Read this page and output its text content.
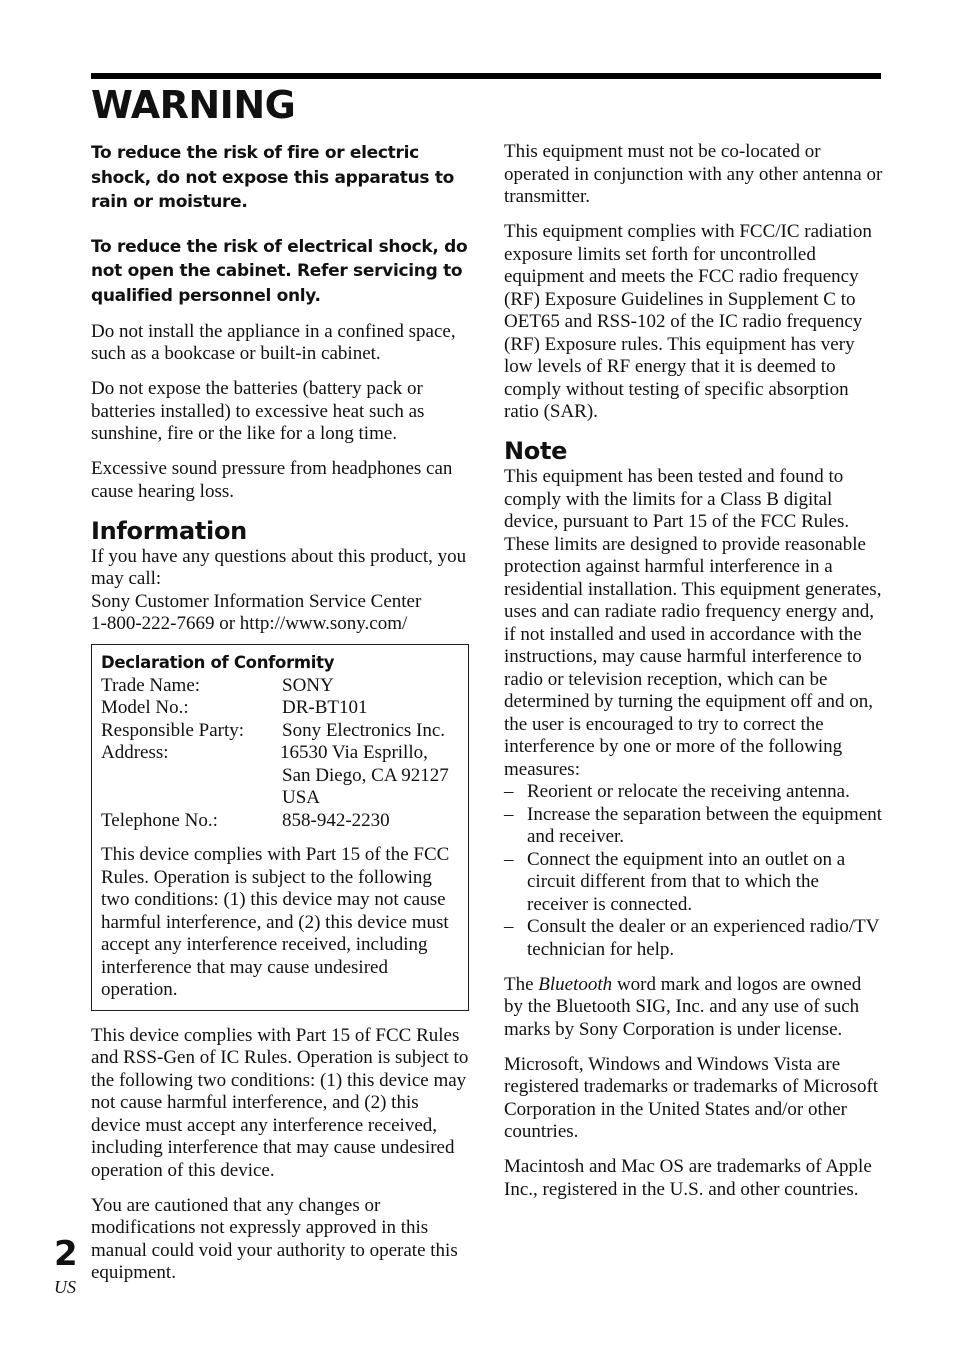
WARNING

To reduce the risk of fire or electric shock, do not expose this apparatus to rain or moisture.

To reduce the risk of electrical shock, do not open the cabinet. Refer servicing to qualified personnel only.

Do not install the appliance in a confined space, such as a bookcase or built-in cabinet.

Do not expose the batteries (battery pack or batteries installed) to excessive heat such as sunshine, fire or the like for a long time.

Excessive sound pressure from headphones can cause hearing loss.

Information
If you have any questions about this product, you may call:
Sony Customer Information Service Center
1-800-222-7669 or http://www.sony.com/
Declaration of Conformity
Trade Name:	SONY
Model No.:	DR-BT101
Responsible Party:	Sony Electronics Inc.
Address:	16530 Via Esprillo,
San Diego, CA 92127
USA
Telephone No.:	858-942-2230
This device complies with Part 15 of the FCC Rules. Operation is subject to the following two conditions: (1) this device may not cause harmful interference, and (2) this device must accept any interference received, including interference that may cause undesired operation.

This device complies with Part 15 of FCC Rules and RSS-Gen of IC Rules. Operation is subject to the following two conditions: (1) this device may not cause harmful interference, and (2) this device must accept any interference received, including interference that may cause undesired operation of this device.

You are cautioned that any changes or modifications not expressly approved in this manual could void your authority to operate this equipment.

This equipment must not be co-located or operated in conjunction with any other antenna or transmitter.

This equipment complies with FCC/IC radiation exposure limits set forth for uncontrolled equipment and meets the FCC radio frequency (RF) Exposure Guidelines in Supplement C to OET65 and RSS-102 of the IC radio frequency (RF) Exposure rules. This equipment has very low levels of RF energy that it is deemed to comply without testing of specific absorption ratio (SAR).

Note
This equipment has been tested and found to comply with the limits for a Class B digital device, pursuant to Part 15 of the FCC Rules. These limits are designed to provide reasonable protection against harmful interference in a residential installation. This equipment generates, uses and can radiate radio frequency energy and, if not installed and used in accordance with the instructions, may cause harmful interference to radio or television reception, which can be determined by turning the equipment off and on, the user is encouraged to try to correct the interference by one or more of the following measures:
– Reorient or relocate the receiving antenna.
– Increase the separation between the equipment and receiver.
– Connect the equipment into an outlet on a circuit different from that to which the receiver is connected.
– Consult the dealer or an experienced radio/TV technician for help.

The Bluetooth word mark and logos are owned by the Bluetooth SIG, Inc. and any use of such marks by Sony Corporation is under license.

Microsoft, Windows and Windows Vista are registered trademarks or trademarks of Microsoft Corporation in the United States and/or other countries.

Macintosh and Mac OS are trademarks of Apple Inc., registered in the U.S. and other countries.

2
US
